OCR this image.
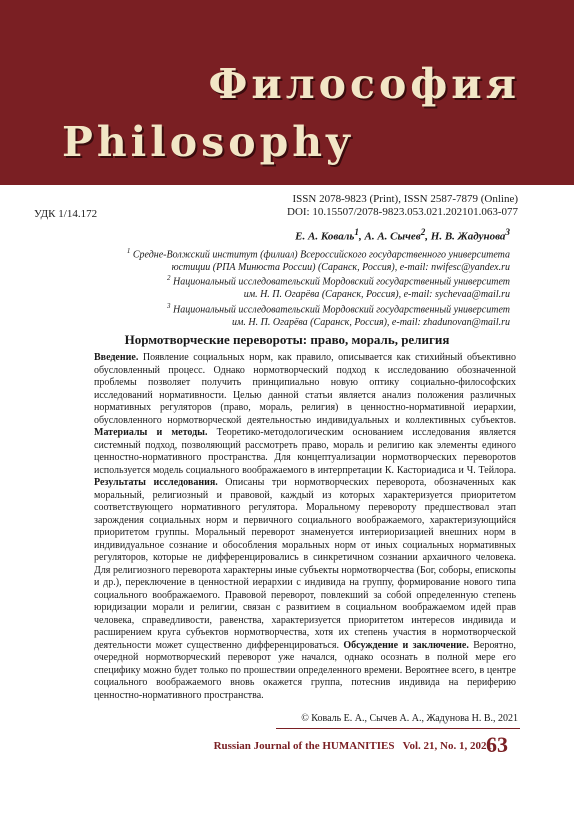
Философия
Philosophy
ISSN 2078-9823 (Print), ISSN 2587-7879 (Online)
DOI: 10.15507/2078-9823.053.021.202101.063-077
УДК 1/14.172
Е. А. Коваль$^1$, А. А. Сычев$^2$, Н. В. Жадунова$^3$
$^1$ Средне-Волжский институт (филиал) Всероссийского государственного университета
юстиции (РПА Минюста России) (Саранск, Россия), e-mail: nwifesc@yandex.ru
$^2$ Национальный исследовательский Мордовский государственный университет
им. Н. П. Огарёва (Саранск, Россия), e-mail: sychevaa@mail.ru
$^3$ Национальный исследовательский Мордовский государственный университет
им. Н. П. Огарёва (Саранск, Россия), e-mail: zhadunovan@mail.ru
Нормотворческие перевороты: право, мораль, религия
Введение. Появление социальных норм, как правило, описывается как стихийный объективно обусловленный процесс. Однако нормотворческий подход к исследованию обозначенной проблемы позволяет получить принципиально новую оптику социально-философских исследований нормативности. Целью данной статьи является анализ положения различных нормативных регуляторов (право, мораль, религия) в ценностно-нормативной иерархии, обусловленного нормотворческой деятельностью индивидуальных и коллективных субъектов. Материалы и методы. Теоретико-методологическим основанием исследования является системный подход, позволяющий рассмотреть право, мораль и религию как элементы единого ценностно-нормативного пространства. Для концептуализации нормотворческих переворотов используется модель социального воображаемого в интерпретации К. Касториадиса и Ч. Тейлора. Результаты исследования. Описаны три нормотворческих переворота, обозначенных как моральный, религиозный и правовой, каждый из которых характеризуется приоритетом соответствующего нормативного регулятора. Моральному перевороту предшествовал этап зарождения социальных норм и первичного социального воображаемого, характеризующийся приоритетом группы. Моральный переворот знаменуется интериоризацией внешних норм в индивидуальное сознание и обособления моральных норм от иных социальных нормативных регуляторов, которые не дифференцировались в синкретичном сознании архаичного человека. Для религиозного переворота характерны иные субъекты нормотворчества (Бог, соборы, епископы и др.), переключение в ценностной иерархии с индивида на группу, формирование нового типа социального воображаемого. Правовой переворот, повлекший за собой определенную степень юридизации морали и религии, связан с развитием в социальном воображаемом идей прав человека, справедливости, равенства, характеризуется приоритетом интересов индивида и расширением круга субъектов нормотворчества, хотя их степень участия в нормотворческой деятельности может существенно дифференцироваться. Обсуждение и заключение. Вероятно, очередной нормотворческий переворот уже начался, однако осознать в полной мере его специфику можно будет только по прошествии определенного времени. Вероятнее всего, в центре социального воображаемого вновь окажется группа, потеснив индивида на периферию ценностно-нормативного пространства.
© Коваль Е. А., Сычев А. А., Жадунова Н. В., 2021
Russian Journal of the HUMANITIES Vol. 21, No. 1, 2021
63
